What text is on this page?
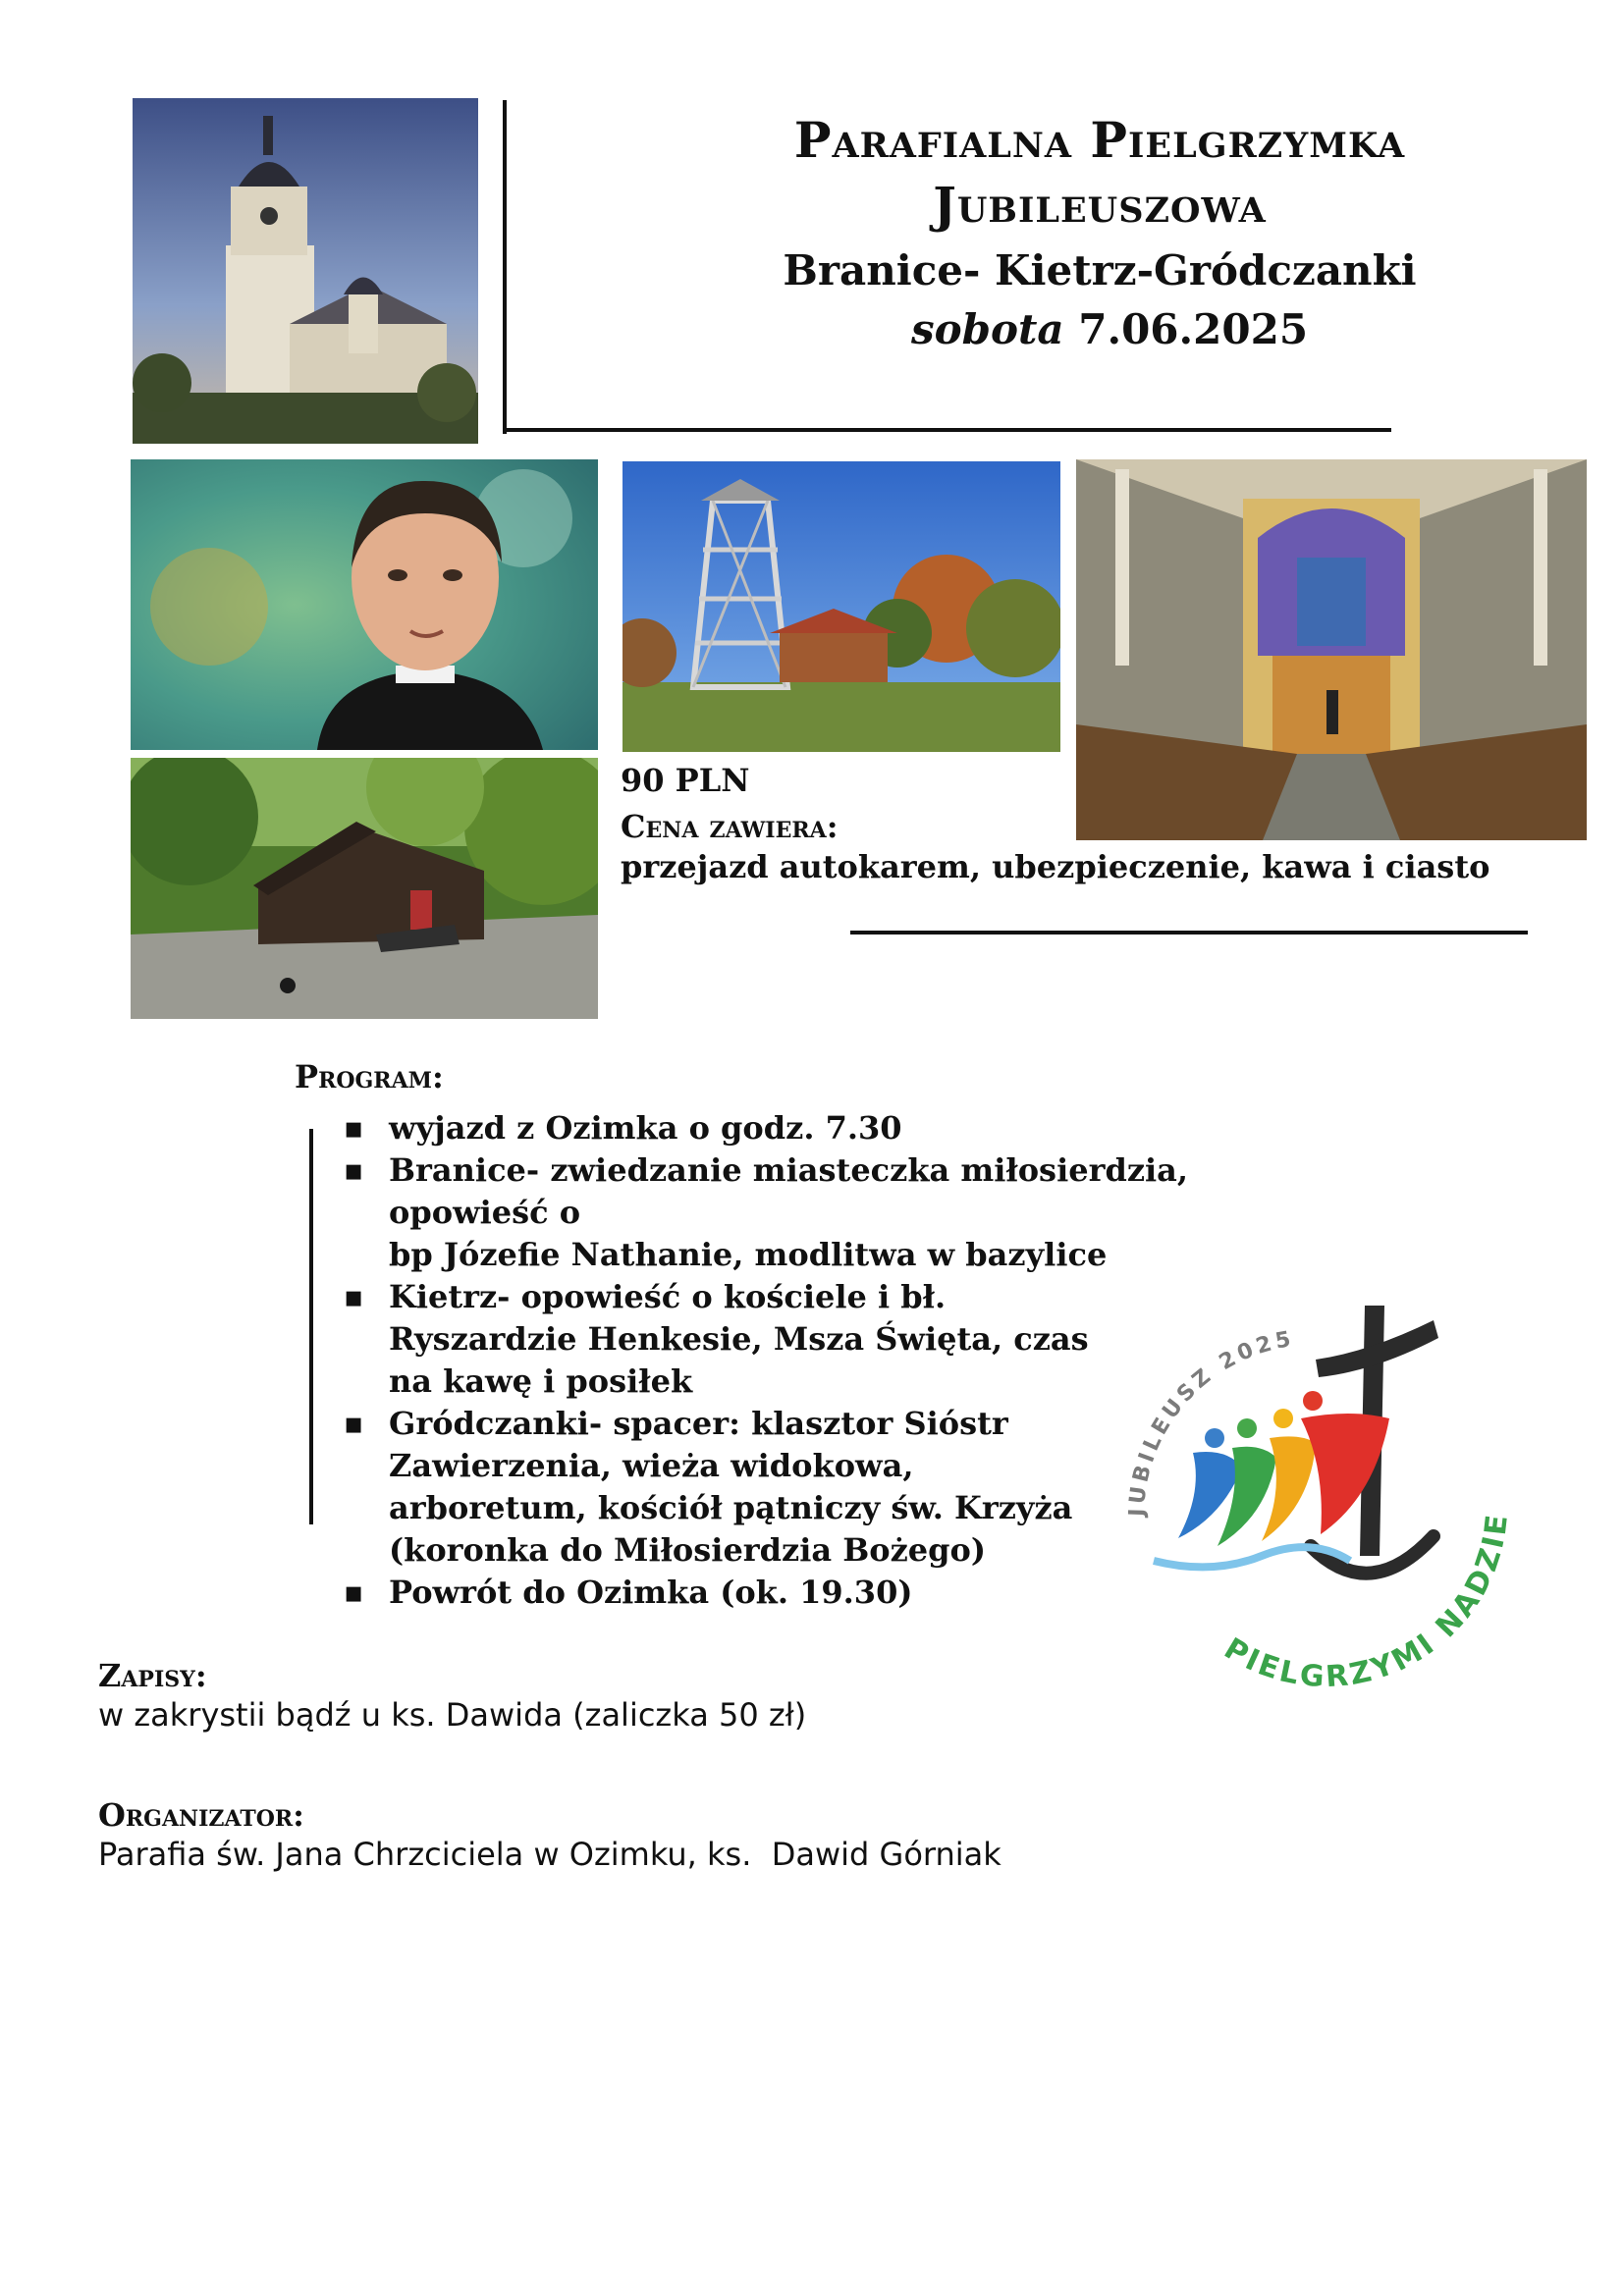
Parafialna Pielgrzymka
Jubileuszowa
Branice- Kietrz-Gródczanki
sobota 7.06.2025
90 PLN
Cena zawiera:
przejazd autokarem, ubezpieczenie, kawa i ciasto
Program:
▪ wyjazd z Ozimka o godz. 7.30
▪ Branice- zwiedzanie miasteczka miłosierdzia, opowieść o
bp Józefie Nathanie, modlitwa w bazylice
▪ Kietrz- opowieść o kościele i bł.
Ryszardzie Henkesie, Msza Święta, czas
na kawę i posiłek
▪ Gródczanki- spacer: klasztor Sióstr
Zawierzenia, wieża widokowa,
arboretum, kościół pątniczy św. Krzyża
(koronka do Miłosierdzia Bożego)
▪ Powrót do Ozimka (ok. 19.30)
JUBILEUSZ 2025
PIELGRZYMI NADZIE
Zapisy:
w zakrystii bądź u ks. Dawida (zaliczka 50 zł)
Organizator:
Parafia św. Jana Chrzciciela w Ozimku, ks.  Dawid Górniak
